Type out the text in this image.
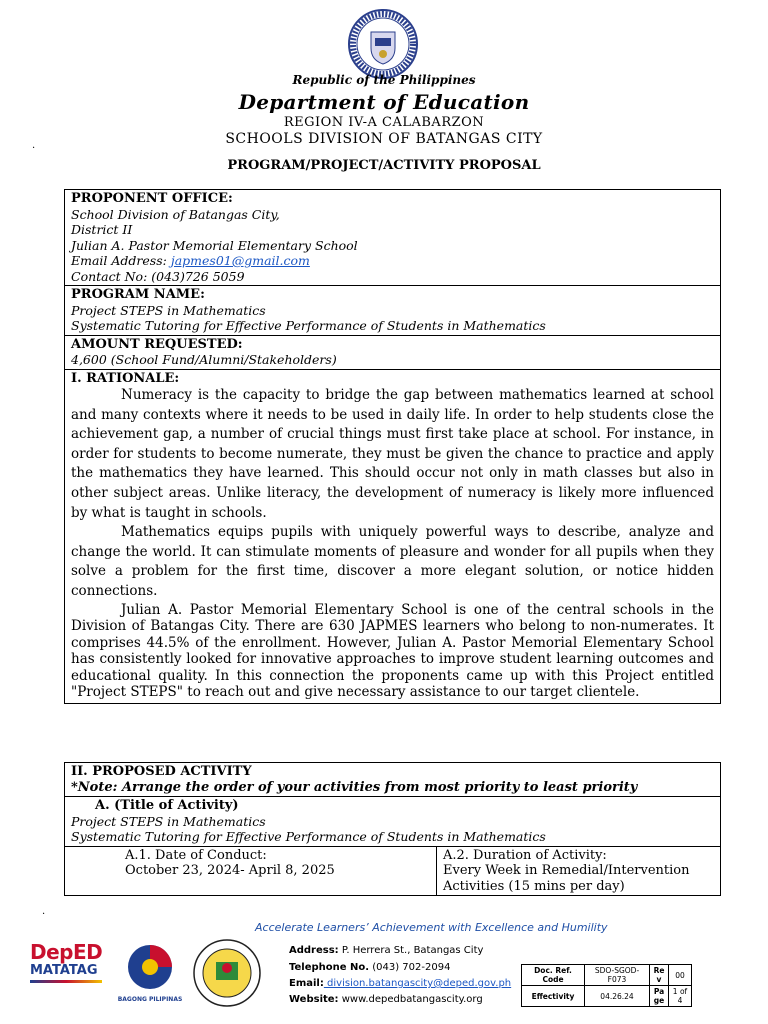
Republic of the Philippines
Department of Education
REGION IV-A CALABARZON
SCHOOLS DIVISION OF BATANGAS CITY
PROGRAM/PROJECT/ACTIVITY PROPOSAL
.
PROPONENT OFFICE:
School Division of Batangas City,
District II
Julian A. Pastor Memorial Elementary School
Email Address: japmes01@gmail.com
Contact No: (043)726 5059

PROGRAM NAME:
Project STEPS in Mathematics
Systematic Tutoring for Effective Performance of Students in Mathematics

AMOUNT REQUESTED:
4,600 (School Fund/Alumni/Stakeholders)

I. RATIONALE:

Numeracy is the capacity to bridge the gap between mathematics learned at school and many contexts where it needs to be used in daily life. In order to help students close the achievement gap, a number of crucial things must first take place at school. For instance, in order for students to become numerate, they must be given the chance to practice and apply the mathematics they have learned. This should occur not only in math classes but also in other subject areas. Unlike literacy, the development of numeracy is likely more influenced by what is taught in schools.

Mathematics equips pupils with uniquely powerful ways to describe, analyze and change the world. It can stimulate moments of pleasure and wonder for all pupils when they solve a problem for the first time, discover a more elegant solution, or notice hidden connections.

Julian A. Pastor Memorial Elementary School is one of the central schools in the Division of Batangas City. There are 630 JAPMES learners who belong to non-numerates. It comprises 44.5% of the enrollment. However, Julian A. Pastor Memorial Elementary School has consistently looked for innovative approaches to improve student learning outcomes and educational quality. In this connection the proponents came up with this Project entitled "Project STEPS" to reach out and give necessary assistance to our target clientele.

II. PROPOSED ACTIVITY
*Note: Arrange the order of your activities from most priority to least priority

A. (Title of Activity)
Project STEPS in Mathematics
Systematic Tutoring for Effective Performance of Students in Mathematics

A.1. Date of Conduct:
October 23, 2024- April 8, 2025

A.2. Duration of Activity:
Every Week in Remedial/Intervention
Activities (15 mins per day)
.
Accelerate Learners’ Achievement with Excellence and Humility
DepED
MATATAG
BAGONG PILIPINAS
Address: P. Herrera St., Batangas City
Telephone No. (043) 702-2094
Email: division.batangascity@deped.gov.ph
Website: www.depedbatangascity.org
Doc. Ref. Code	SDO-SGOD-F073	Re v	00
Effectivity	04.26.24	Pa ge	1 of 4
